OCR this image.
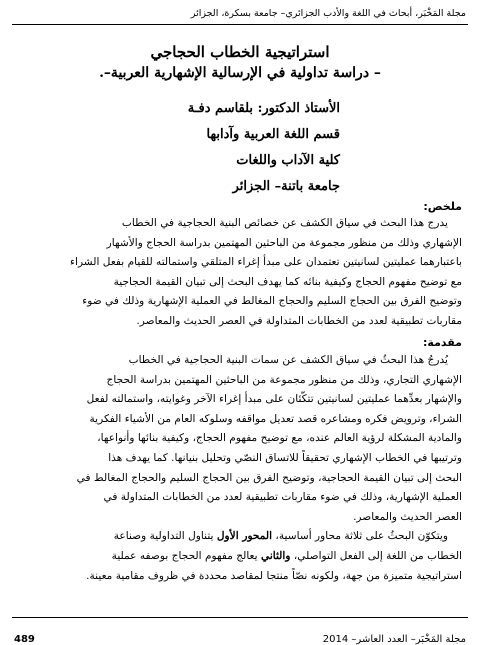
مجلة المَخْبَر، أبحاث في اللغة والأدب الجزائري– جامعة بسكرة، الجزائر
استراتيجية الخطاب الحجاجي
– دراسة تداولية في الإرسالية الإشهارية العربية–.
الأستاذ الدكتور: بلقاسم دفـة
قسم اللغة العربية وآدابها
كلية الآداب واللغات
جامعة باتنة– الجزائر
ملخص:
يدرج هذا البحث في سياق الكشف عن خصائص البنية الحجاجية في الخطاب
الإشهاري وذلك من منظور مجموعة من الباحثين المهتمين بدراسة الحجاج والأشهار
باعتبارهما عمليتين لسانيتين تعتمدان على مبدأ إغراء المتلقي واستمالته للقيام بفعل الشراء
مع توضيح مفهوم الحجاج وكيفية بنائه كما يهدف البحث إلى تبيان القيمة الحجاجية
وتوضيح الفرق بين الحجاج السليم والحجاج المغالط في العملية الإشهارية وذلك في ضوء
مقاربات تطبيقية لعدد من الخطابات المتداولة في العصر الحديث والمعاصر.
مقدمة:
يُدرجُ هذا البحثُ في سياق الكشف عن سمات البنية الحجاجية في الخطاب
الإشهاري التجاري، وذلك من منظور مجموعة من الباحثين المهتمين بدراسة الحجاج
والإشهار بعدِّهما عمليتين لسانيتين تتكّئان على مبدأ إغراء الآخر وغوايته، واستمالته لفعل
الشراء، وترويض فكره ومشاعره قصد تعديل مواقفه وسلوكه العام من الأشياء الفكرية
والمادية المشكلة لرؤية العالم عنده، مع توضيح مفهوم الحجاج، وكيفية بنائها وأنواعها،
وترتيبها في الخطاب الإشهاري تحقيقاً للاتساق النصّي وتحليل بنيانها. كما يهدف هذا
البحث إلى تبيان القيمة الحجاجية، وتوضيح الفرق بين الحجاج السليم والحجاج المغالط في
العملية الإشهارية، وذلك في ضوء مقاربات تطبيقية لعدد من الخطابات المتداولة في
العصر الحديث والمعاصر.
ويتكوّن البحثُ على ثلاثة محاور أساسية، المحور الأول يتناول التداولية وصناعة
الخطاب من اللغة إلى الفعل التواصلي، والثاني يعالج مفهوم الحجاج بوصفه عملية
استراتيجية متميزة من جهة، ولكونه نصّاً منتجا لمقاصد محددة في ظروف مقامية معينة.
مجلة المَخْبَر– العدد العاشر– 2014
489
